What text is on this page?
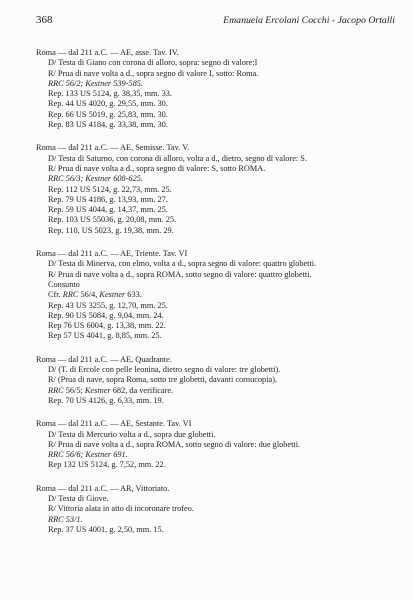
368	Emanuela Ercolani Cocchi - Jacopo Ortalli

Roma — dal 211 a.C. — AE, asse. Tav. IV.

D/ Testa di Giano con corona di alloro, sopra: segno di valore:I

R/ Prua di nave volta a d., sopra segno di valore I, sotto: Roma.

RRC 56/2; Kestner 539-585.

Rep. 133 US 5124, g. 38,35, mm. 33.

Rep. 44 US 4020, g. 29,55, mm. 30.

Rep. 66 US 5019, g. 25,83, mm. 30.

Rep. 83 US 4184, g. 33,38, mm. 30.

Roma — dal 211 a.C. — AE, Semisse. Tav. V.

D/ Testa di Saturno, con corona di alloro, volta a d., dietro, segno di valore: S.

R/ Prua di nave volta a d., sopra segno di valore: S, sotto ROMA.

RRC 56/3; Kestner 608-625.

Rep. 112 US 5124, g. 22,73, mm. 25.

Rep. 79 US 4186, g. 13,93, mm. 27.

Rep. 59 US 4044, g. 14,37, mm. 25.

Rep. 103 US 55036, g. 20,08, mm. 25.

Rep. 110, US 5023, g. 19,38, mm. 29.

Roma — dal 211 a.C. — AE, Triente. Tav. VI

D/ Testa di Minerva, con elmo, volta a d., sopra segno di valore: quattro globetti.

R/ Prua di nave volta a d., sopra ROMA, sotto segno di valore: quattro globetti.

Consunto

Cfr. RRC 56/4, Kestner 633.

Rep. 43 US 3255, g. 12,70, mm. 25.

Rep. 90 US 5084, g. 9,04, mm. 24.

Rep 76 US 6004, g. 13,38, mm. 22.

Rep 57 US 4041, g. 8,85, mm. 25.

Roma — dal 211 a.C. — AE, Quadrante.

D/ (T. di Ercole con pelle leonina, dietro segno di valore: tre globetti).

R/ (Prua di nave, sopra Roma, sotto tre globetti, davanti cornucopia).

RRC 56/5; Kestner 682, da verificare.

Rep. 70 US 4126, g. 6,33, mm. 19.

Roma — dal 211 a.C. — AE, Sestante. Tav. VI

D/ Testa di Mercurio volta a d., sopra due globetti.

R/ Prua di nave volta a d., sopra ROMA, sotto segno di valore: due globetti.

RRC 56/6; Kestner 691.

Rep 132 US 5124, g. 7,52, mm. 22.

Roma — dal 211 a.C. — AR, Vittoriato.

D/ Testa di Giove.

R/ Vittoria alata in atto di incoronare trofeo.

RRC 53/1.

Rep. 37 US 4001, g. 2,50, mm. 15.
